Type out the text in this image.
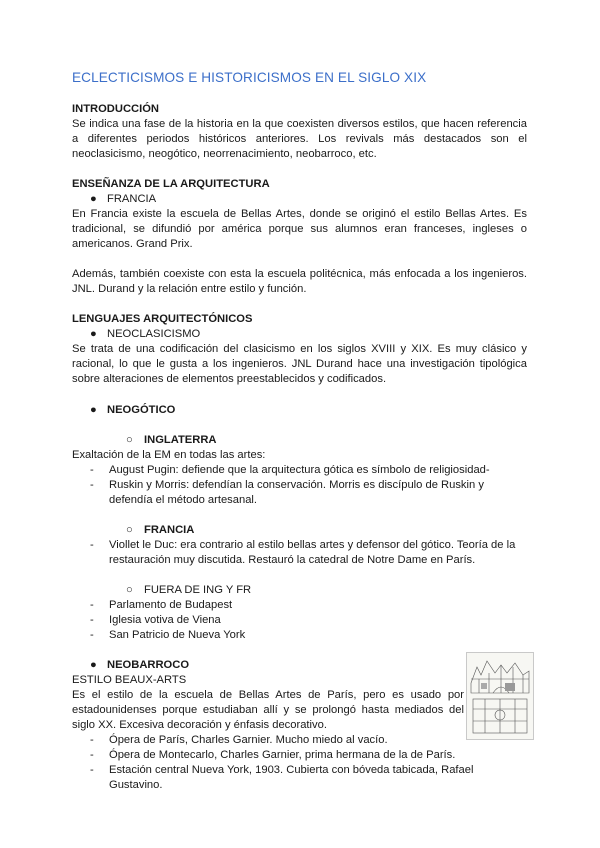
ECLECTICISMOS E HISTORICISMOS EN EL SIGLO XIX
INTRODUCCIÓN

Se indica una fase de la historia en la que coexisten diversos estilos, que hacen referencia a diferentes periodos históricos anteriores. Los revivals más destacados son el neoclasicismo, neogótico, neorrenacimiento, neobarroco, etc.

ENSEÑANZA DE LA ARQUITECTURA
● FRANCIA

En Francia existe la escuela de Bellas Artes, donde se originó el estilo Bellas Artes. Es tradicional, se difundió por américa porque sus alumnos eran franceses, ingleses o americanos. Grand Prix.

Además, también coexiste con esta la escuela politécnica, más enfocada a los ingenieros. JNL. Durand y la relación entre estilo y función.

LENGUAJES ARQUITECTÓNICOS
● NEOCLASICISMO

Se trata de una codificación del clasicismo en los siglos XVIII y XIX. Es muy clásico y racional, lo que le gusta a los ingenieros. JNL Durand hace una investigación tipológica sobre alteraciones de elementos preestablecidos y codificados.

● NEOGÓTICO
○ INGLATERRA

Exaltación de la EM en todas las artes:

- August Pugin: defiende que la arquitectura gótica es símbolo de religiosidad-
- Ruskin y Morris: defendían la conservación. Morris es discípulo de Ruskin y defendía el método artesanal.
○ FRANCIA
- Viollet le Duc: era contrario al estilo bellas artes y defensor del gótico. Teoría de la restauración muy discutida. Restauró la catedral de Notre Dame en París.
○ FUERA DE ING Y FR
- Parlamento de Budapest
- Iglesia votiva de Viena
- San Patricio de Nueva York
● NEOBARROCO
ESTILO BEAUX-ARTS

Es el estilo de la escuela de Bellas Artes de París, pero es usado por estadounidenses porque estudiaban allí y se prolongó hasta mediados del siglo XX. Excesiva decoración y énfasis decorativo.

- Ópera de París, Charles Garnier. Mucho miedo al vacío.
- Ópera de Montecarlo, Charles Garnier, prima hermana de la de París.
- Estación central Nueva York, 1903. Cubierta con bóveda tabicada, Rafael Gustavino.
